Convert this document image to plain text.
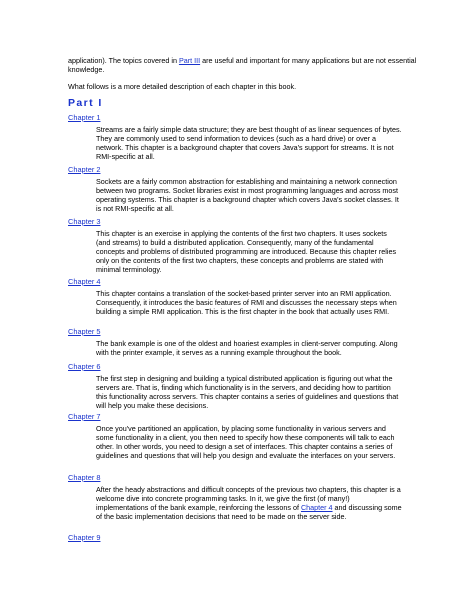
application). The topics covered in Part III are useful and important for many applications but are not essential knowledge.

What follows is a more detailed description of each chapter in this book.

Part I
Chapter 1

Streams are a fairly simple data structure; they are best thought of as linear sequences of bytes. They are commonly used to send information to devices (such as a hard drive) or over a network. This chapter is a background chapter that covers Java's support for streams. It is not RMI-specific at all.

Chapter 2

Sockets are a fairly common abstraction for establishing and maintaining a network connection between two programs. Socket libraries exist in most programming languages and across most operating systems. This chapter is a background chapter which covers Java's socket classes. It is not RMI-specific at all.

Chapter 3

This chapter is an exercise in applying the contents of the first two chapters. It uses sockets (and streams) to build a distributed application. Consequently, many of the fundamental concepts and problems of distributed programming are introduced. Because this chapter relies only on the contents of the first two chapters, these concepts and problems are stated with minimal terminology.

Chapter 4

This chapter contains a translation of the socket-based printer server into an RMI application. Consequently, it introduces the basic features of RMI and discusses the necessary steps when building a simple RMI application. This is the first chapter in the book that actually uses RMI.

Chapter 5

The bank example is one of the oldest and hoariest examples in client-server computing. Along with the printer example, it serves as a running example throughout the book.

Chapter 6

The first step in designing and building a typical distributed application is figuring out what the servers are. That is, finding which functionality is in the servers, and deciding how to partition this functionality across servers. This chapter contains a series of guidelines and questions that will help you make these decisions.

Chapter 7

Once you've partitioned an application, by placing some functionality in various servers and some functionality in a client, you then need to specify how these components will talk to each other. In other words, you need to design a set of interfaces. This chapter contains a series of guidelines and questions that will help you design and evaluate the interfaces on your servers.

Chapter 8

After the heady abstractions and difficult concepts of the previous two chapters, this chapter is a welcome dive into concrete programming tasks. In it, we give the first (of many!) implementations of the bank example, reinforcing the lessons of Chapter 4 and discussing some of the basic implementation decisions that need to be made on the server side.

Chapter 9
